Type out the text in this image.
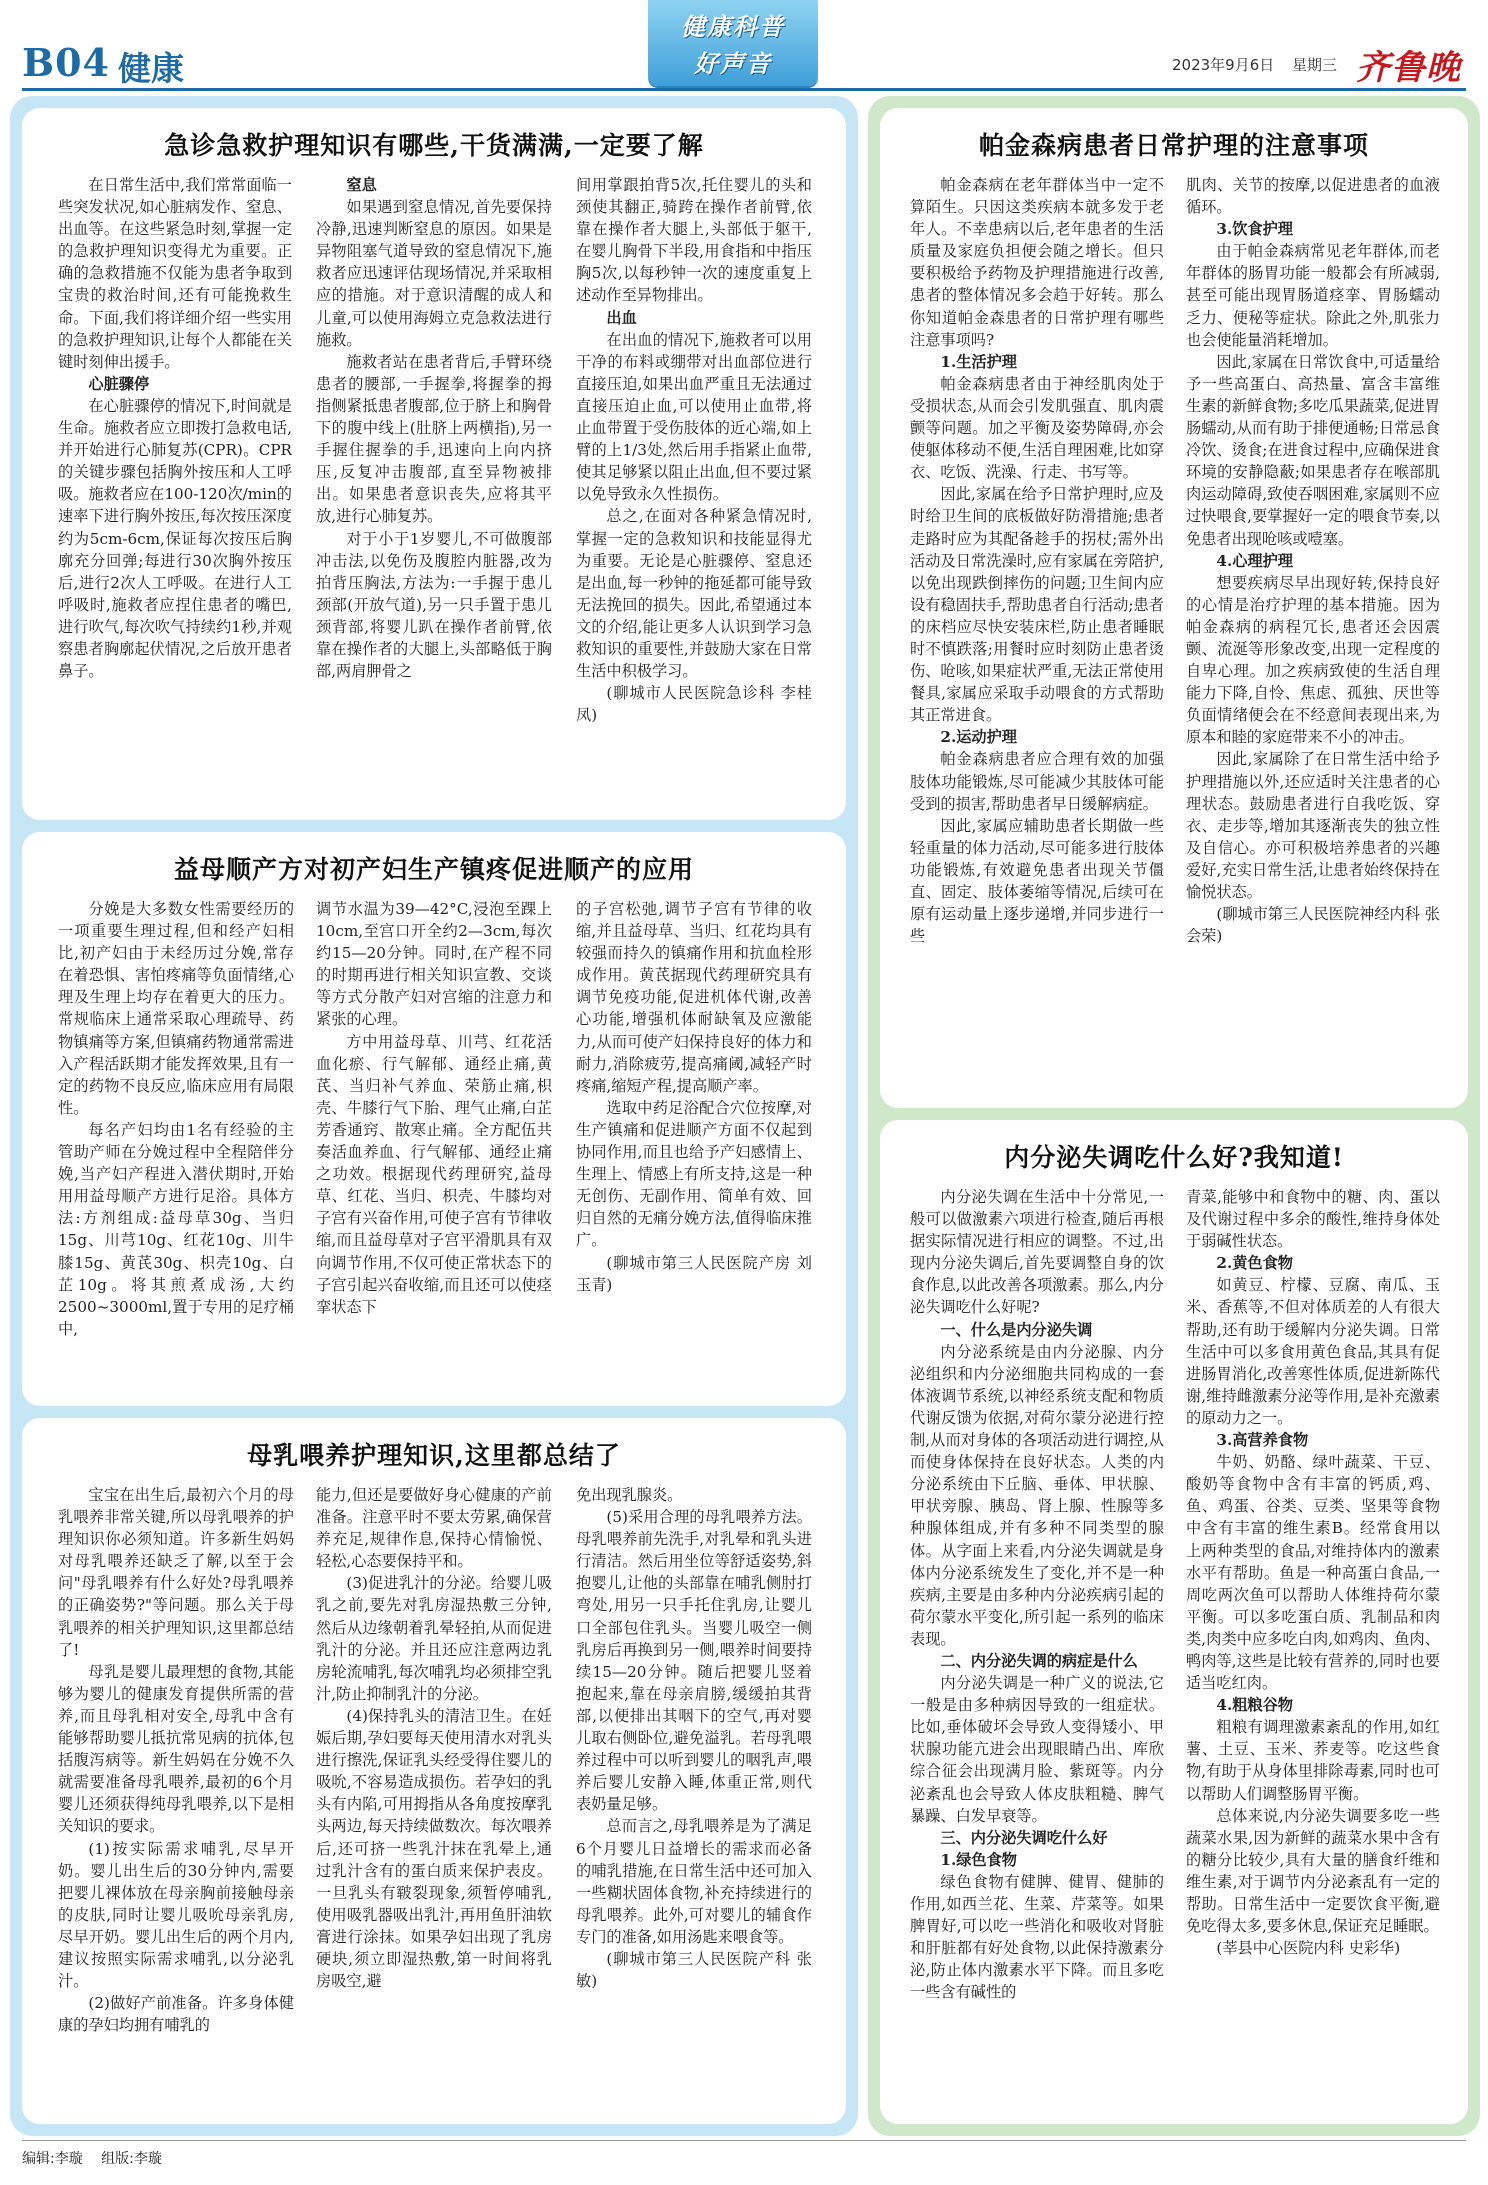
B04 健康
健康科普
好声音	2023年9月6日 星期三 齐鲁晚
急诊急救护理知识有哪些,干货满满,一定要了解

在日常生活中,我们常常面临一些突发状况,如心脏病发作、窒息、出血等。在这些紧急时刻,掌握一定的急救护理知识变得尤为重要。正确的急救措施不仅能为患者争取到宝贵的救治时间,还有可能挽救生命。下面,我们将详细介绍一些实用的急救护理知识,让每个人都能在关键时刻伸出援手。

心脏骤停

在心脏骤停的情况下,时间就是生命。施救者应立即拨打急救电话,并开始进行心肺复苏(CPR)。CPR的关键步骤包括胸外按压和人工呼吸。施救者应在100-120次/min的速率下进行胸外按压,每次按压深度约为5cm-6cm,保证每次按压后胸廓充分回弹;每进行30次胸外按压后,进行2次人工呼吸。在进行人工呼吸时,施救者应捏住患者的嘴巴,进行吹气,每次吹气持续约1秒,并观察患者胸廓起伏情况,之后放开患者鼻子。

窒息

如果遇到窒息情况,首先要保持冷静,迅速判断窒息的原因。如果是异物阻塞气道导致的窒息情况下,施救者应迅速评估现场情况,并采取相应的措施。对于意识清醒的成人和儿童,可以使用海姆立克急救法进行施救。

施救者站在患者背后,手臂环绕患者的腰部,一手握拳,将握拳的拇指侧紧抵患者腹部,位于脐上和胸骨下的腹中线上(肚脐上两横指),另一手握住握拳的手,迅速向上向内挤压,反复冲击腹部,直至异物被排出。如果患者意识丧失,应将其平放,进行心肺复苏。

对于小于1岁婴儿,不可做腹部冲击法,以免伤及腹腔内脏器,改为拍背压胸法,方法为:一手握于患儿颈部(开放气道),另一只手置于患儿颈背部,将婴儿趴在操作者前臂,依靠在操作者的大腿上,头部略低于胸部,两肩胛骨之

间用掌跟拍背5次,托住婴儿的头和颈使其翻正,骑跨在操作者前臂,依靠在操作者大腿上,头部低于躯干,在婴儿胸骨下半段,用食指和中指压胸5次,以每秒钟一次的速度重复上述动作至异物排出。

出血

在出血的情况下,施救者可以用干净的布料或绷带对出血部位进行直接压迫,如果出血严重且无法通过直接压迫止血,可以使用止血带,将止血带置于受伤肢体的近心端,如上臂的上1/3处,然后用手指紧止血带,使其足够紧以阻止出血,但不要过紧以免导致永久性损伤。

总之,在面对各种紧急情况时,掌握一定的急救知识和技能显得尤为重要。无论是心脏骤停、窒息还是出血,每一秒钟的拖延都可能导致无法挽回的损失。因此,希望通过本文的介绍,能让更多人认识到学习急救知识的重要性,并鼓励大家在日常生活中积极学习。

(聊城市人民医院急诊科 李桂凤)

益母顺产方对初产妇生产镇疼促进顺产的应用

分娩是大多数女性需要经历的一项重要生理过程,但和经产妇相比,初产妇由于未经历过分娩,常存在着恐惧、害怕疼痛等负面情绪,心理及生理上均存在着更大的压力。常规临床上通常采取心理疏导、药物镇痛等方案,但镇痛药物通常需进入产程活跃期才能发挥效果,且有一定的药物不良反应,临床应用有局限性。

每名产妇均由1名有经验的主管助产师在分娩过程中全程陪伴分娩,当产妇产程进入潜伏期时,开始用用益母顺产方进行足浴。具体方法:方剂组成:益母草30g、当归15g、川芎10g、红花10g、川牛膝15g、黄芪30g、枳壳10g、白芷10g。将其煎煮成汤,大约2500~3000ml,置于专用的足疗桶中,

调节水温为39—42°C,浸泡至踝上10cm,至宫口开全约2—3cm,每次约15—20分钟。同时,在产程不同的时期再进行相关知识宣教、交谈等方式分散产妇对宫缩的注意力和紧张的心理。

方中用益母草、川芎、红花活血化瘀、行气解郁、通经止痛,黄芪、当归补气养血、荣筋止痛,枳壳、牛膝行气下胎、理气止痛,白芷芳香通窍、散寒止痛。全方配伍共奏活血养血、行气解郁、通经止痛之功效。根据现代药理研究,益母草、红花、当归、枳壳、牛膝均对子宫有兴奋作用,可使子宫有节律收缩,而且益母草对子宫平滑肌具有双向调节作用,不仅可使正常状态下的子宫引起兴奋收缩,而且还可以使痉挛状态下

的子宫松弛,调节子宫有节律的收缩,并且益母草、当归、红花均具有较强而持久的镇痛作用和抗血栓形成作用。黄芪据现代药理研究具有调节免疫功能,促进机体代谢,改善心功能,增强机体耐缺氧及应激能力,从而可使产妇保持良好的体力和耐力,消除疲劳,提高痛阈,减轻产时疼痛,缩短产程,提高顺产率。

选取中药足浴配合穴位按摩,对生产镇痛和促进顺产方面不仅起到协同作用,而且也给予产妇感情上、生理上、情感上有所支持,这是一种无创伤、无副作用、简单有效、回归自然的无痛分娩方法,值得临床推广。

(聊城市第三人民医院产房 刘玉青)

母乳喂养护理知识,这里都总结了

宝宝在出生后,最初六个月的母乳喂养非常关键,所以母乳喂养的护理知识你必须知道。许多新生妈妈对母乳喂养还缺乏了解,以至于会问"母乳喂养有什么好处?母乳喂养的正确姿势?"等问题。那么关于母乳喂养的相关护理知识,这里都总结了!

母乳是婴儿最理想的食物,其能够为婴儿的健康发育提供所需的营养,而且母乳相对安全,母乳中含有能够帮助婴儿抵抗常见病的抗体,包括腹泻病等。新生妈妈在分娩不久就需要准备母乳喂养,最初的6个月婴儿还须获得纯母乳喂养,以下是相关知识的要求。

(1)按实际需求哺乳,尽早开奶。婴儿出生后的30分钟内,需要把婴儿裸体放在母亲胸前接触母亲的皮肤,同时让婴儿吸吮母亲乳房,尽早开奶。婴儿出生后的两个月内,建议按照实际需求哺乳,以分泌乳汁。

(2)做好产前准备。许多身体健康的孕妇均拥有哺乳的

能力,但还是要做好身心健康的产前准备。注意平时不要太劳累,确保营养充足,规律作息,保持心情愉悦、轻松,心态要保持平和。

(3)促进乳汁的分泌。给婴儿吸乳之前,要先对乳房湿热敷三分钟,然后从边缘朝着乳晕轻拍,从而促进乳汁的分泌。并且还应注意两边乳房轮流哺乳,每次哺乳均必须排空乳汁,防止抑制乳汁的分泌。

(4)保持乳头的清洁卫生。在妊娠后期,孕妇要每天使用清水对乳头进行擦洗,保证乳头经受得住婴儿的吸吮,不容易造成损伤。若孕妇的乳头有内陷,可用拇指从各角度按摩乳头两边,每天持续做数次。每次喂养后,还可挤一些乳汁抹在乳晕上,通过乳汁含有的蛋白质来保护表皮。一旦乳头有皲裂现象,须暂停哺乳,使用吸乳器吸出乳汁,再用鱼肝油软膏进行涂抹。如果孕妇出现了乳房硬块,须立即湿热敷,第一时间将乳房吸空,避

免出现乳腺炎。

(5)采用合理的母乳喂养方法。母乳喂养前先洗手,对乳晕和乳头进行清洁。然后用坐位等舒适姿势,斜抱婴儿,让他的头部靠在哺乳侧肘打弯处,用另一只手托住乳房,让婴儿口全部包住乳头。当婴儿吸空一侧乳房后再换到另一侧,喂养时间要持续15—20分钟。随后把婴儿竖着抱起来,靠在母亲肩膀,缓缓拍其背部,以便排出其咽下的空气,再对婴儿取右侧卧位,避免溢乳。若母乳喂养过程中可以听到婴儿的咽乳声,喂养后婴儿安静入睡,体重正常,则代表奶量足够。

总而言之,母乳喂养是为了满足6个月婴儿日益增长的需求而必备的哺乳措施,在日常生活中还可加入一些糊状固体食物,补充持续进行的母乳喂养。此外,可对婴儿的辅食作专门的准备,如用汤匙来喂食等。

(聊城市第三人民医院产科 张敏)

帕金森病患者日常护理的注意事项

帕金森病在老年群体当中一定不算陌生。只因这类疾病本就多发于老年人。不幸患病以后,老年患者的生活质量及家庭负担便会随之增长。但只要积极给予药物及护理措施进行改善,患者的整体情况多会趋于好转。那么你知道帕金森患者的日常护理有哪些注意事项吗?

1.生活护理

帕金森病患者由于神经肌肉处于受损状态,从而会引发肌强直、肌肉震颤等问题。加之平衡及姿势障碍,亦会使躯体移动不便,生活自理困难,比如穿衣、吃饭、洗澡、行走、书写等。

因此,家属在给予日常护理时,应及时给卫生间的底板做好防滑措施;患者走路时应为其配备趁手的拐杖;需外出活动及日常洗澡时,应有家属在旁陪护,以免出现跌倒摔伤的问题;卫生间内应设有稳固扶手,帮助患者自行活动;患者的床档应尽快安装床栏,防止患者睡眠时不慎跌落;用餐时应时刻防止患者烫伤、呛咳,如果症状严重,无法正常使用餐具,家属应采取手动喂食的方式帮助其正常进食。

2.运动护理

帕金森病患者应合理有效的加强肢体功能锻炼,尽可能减少其肢体可能受到的损害,帮助患者早日缓解病症。

因此,家属应辅助患者长期做一些轻重量的体力活动,尽可能多进行肢体功能锻炼,有效避免患者出现关节僵直、固定、肢体萎缩等情况,后续可在原有运动量上逐步递增,并同步进行一些

肌肉、关节的按摩,以促进患者的血液循环。

3.饮食护理

由于帕金森病常见老年群体,而老年群体的肠胃功能一般都会有所减弱,甚至可能出现胃肠道痉挛、胃肠蠕动乏力、便秘等症状。除此之外,肌张力也会使能量消耗增加。

因此,家属在日常饮食中,可适量给予一些高蛋白、高热量、富含丰富维生素的新鲜食物;多吃瓜果蔬菜,促进胃肠蠕动,从而有助于排便通畅;日常忌食冷饮、烫食;在进食过程中,应确保进食环境的安静隐蔽;如果患者存在喉部肌肉运动障碍,致使吞咽困难,家属则不应过快喂食,要掌握好一定的喂食节奏,以免患者出现呛咳或噎塞。

4.心理护理

想要疾病尽早出现好转,保持良好的心情是治疗护理的基本措施。因为帕金森病的病程冗长,患者还会因震颤、流涎等形象改变,出现一定程度的自卑心理。加之疾病致使的生活自理能力下降,自怜、焦虑、孤独、厌世等负面情绪便会在不经意间表现出来,为原本和睦的家庭带来不小的冲击。

因此,家属除了在日常生活中给予护理措施以外,还应适时关注患者的心理状态。鼓励患者进行自我吃饭、穿衣、走步等,增加其逐渐丧失的独立性及自信心。亦可积极培养患者的兴趣爱好,充实日常生活,让患者始终保持在愉悦状态。

(聊城市第三人民医院神经内科 张会荣)

内分泌失调吃什么好?我知道!

内分泌失调在生活中十分常见,一般可以做激素六项进行检查,随后再根据实际情况进行相应的调整。不过,出现内分泌失调后,首先要调整自身的饮食作息,以此改善各项激素。那么,内分泌失调吃什么好呢?

一、什么是内分泌失调

内分泌系统是由内分泌腺、内分泌组织和内分泌细胞共同构成的一套体液调节系统,以神经系统支配和物质代谢反馈为依据,对荷尔蒙分泌进行控制,从而对身体的各项活动进行调控,从而使身体保持在良好状态。人类的内分泌系统由下丘脑、垂体、甲状腺、甲状旁腺、胰岛、肾上腺、性腺等多种腺体组成,并有多种不同类型的腺体。从字面上来看,内分泌失调就是身体内分泌系统发生了变化,并不是一种疾病,主要是由多种内分泌疾病引起的荷尔蒙水平变化,所引起一系列的临床表现。

二、内分泌失调的病症是什么

内分泌失调是一种广义的说法,它一般是由多种病因导致的一组症状。比如,垂体破坏会导致人变得矮小、甲状腺功能亢进会出现眼睛凸出、库欣综合征会出现满月脸、紫斑等。内分泌紊乱也会导致人体皮肤粗糙、脾气暴躁、白发早衰等。

三、内分泌失调吃什么好
1.绿色食物

绿色食物有健脾、健胃、健肺的作用,如西兰花、生菜、芹菜等。如果脾胃好,可以吃一些消化和吸收对肾脏和肝脏都有好处食物,以此保持激素分泌,防止体内激素水平下降。而且多吃一些含有碱性的

青菜,能够中和食物中的糖、肉、蛋以及代谢过程中多余的酸性,维持身体处于弱碱性状态。

2.黄色食物

如黄豆、柠檬、豆腐、南瓜、玉米、香蕉等,不但对体质差的人有很大帮助,还有助于缓解内分泌失调。日常生活中可以多食用黄色食品,其具有促进肠胃消化,改善寒性体质,促进新陈代谢,维持雌激素分泌等作用,是补充激素的原动力之一。

3.高营养食物

牛奶、奶酪、绿叶蔬菜、干豆、酸奶等食物中含有丰富的钙质,鸡、鱼、鸡蛋、谷类、豆类、坚果等食物中含有丰富的维生素B。经常食用以上两种类型的食品,对维持体内的激素水平有帮助。鱼是一种高蛋白食品,一周吃两次鱼可以帮助人体维持荷尔蒙平衡。可以多吃蛋白质、乳制品和肉类,肉类中应多吃白肉,如鸡肉、鱼肉、鸭肉等,这些是比较有营养的,同时也要适当吃红肉。

4.粗粮谷物

粗粮有调理激素紊乱的作用,如红薯、土豆、玉米、荞麦等。吃这些食物,有助于从身体里排除毒素,同时也可以帮助人们调整肠胃平衡。

总体来说,内分泌失调要多吃一些蔬菜水果,因为新鲜的蔬菜水果中含有的糖分比较少,具有大量的膳食纤维和维生素,对于调节内分泌紊乱有一定的帮助。日常生活中一定要饮食平衡,避免吃得太多,要多休息,保证充足睡眠。

(莘县中心医院内科 史彩华)

编辑:李璇 组版:李璇
